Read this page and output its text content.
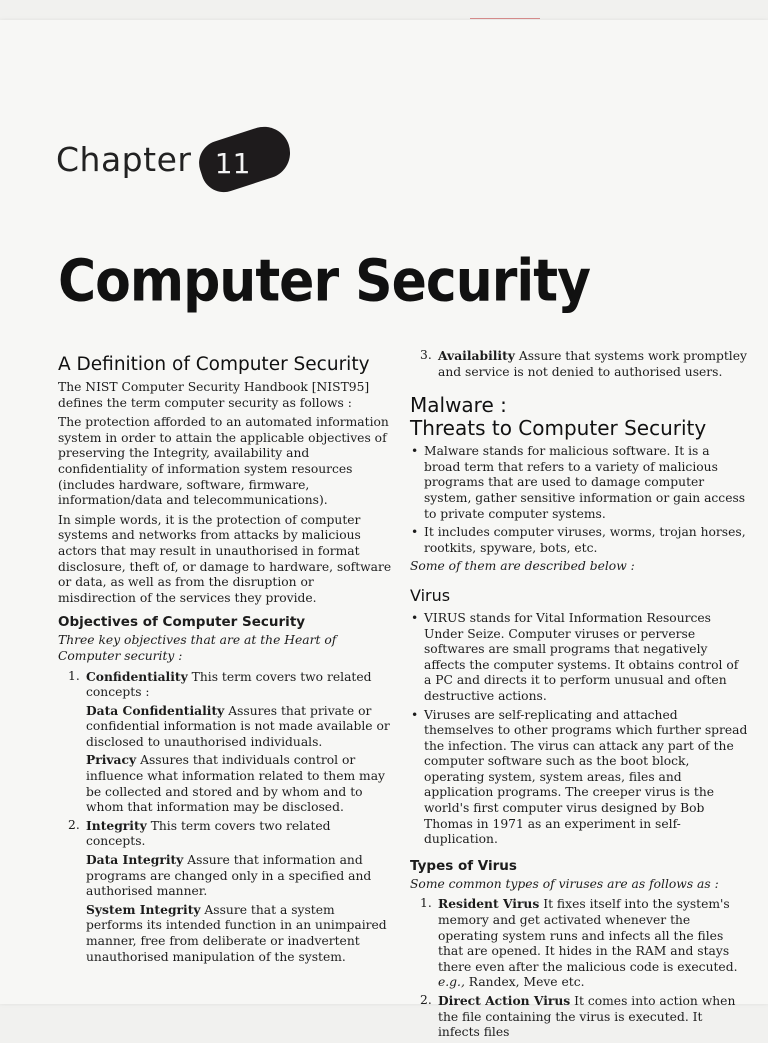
Chapter 11
Computer Security
A Definition of Computer Security

The NIST Computer Security Handbook [NIST95] defines the term computer security as follows :

The protection afforded to an automated information system in order to attain the applicable objectives of preserving the Integrity, availability and confidentiality of information system resources (includes hardware, software, firmware, information/data and telecommunications).

In simple words, it is the protection of computer systems and networks from attacks by malicious actors that may result in unauthorised in format disclosure, theft of, or damage to hardware, software or data, as well as from the disruption or misdirection of the services they provide.

Objectives of Computer Security

Three key objectives that are at the Heart of Computer security :

1. Confidentiality This term covers two related concepts :
Data Confidentiality Assures that private or confidential information is not made available or disclosed to unauthorised individuals.
Privacy Assures that individuals control or influence what information related to them may be collected and stored and by whom and to whom that information may be disclosed.
2. Integrity This term covers two related concepts.
Data Integrity Assure that information and programs are changed only in a specified and authorised manner.
System Integrity Assure that a system performs its intended function in an unimpaired manner, free from deliberate or inadvertent unauthorised manipulation of the system.
3. Availability Assure that systems work promptley and service is not denied to authorised users.
Malware :
Threats to Computer Security
• Malware stands for malicious software. It is a broad term that refers to a variety of malicious programs that are used to damage computer system, gather sensitive information or gain access to private computer systems.
• It includes computer viruses, worms, trojan horses, rootkits, spyware, bots, etc.

Some of them are described below :

Virus
• VIRUS stands for Vital Information Resources Under Seize. Computer viruses or perverse softwares are small programs that negatively affects the computer systems. It obtains control of a PC and directs it to perform unusual and often destructive actions.
• Viruses are self-replicating and attached themselves to other programs which further spread the infection. The virus can attack any part of the computer software such as the boot block, operating system, system areas, files and application programs. The creeper virus is the world's first computer virus designed by Bob Thomas in 1971 as an experiment in self-duplication.
Types of Virus

Some common types of viruses are as follows as :

1. Resident Virus It fixes itself into the system's memory and get activated whenever the operating system runs and infects all the files that are opened. It hides in the RAM and stays there even after the malicious code is executed. e.g., Randex, Meve etc.
2. Direct Action Virus It comes into action when the file containing the virus is executed. It infects files
